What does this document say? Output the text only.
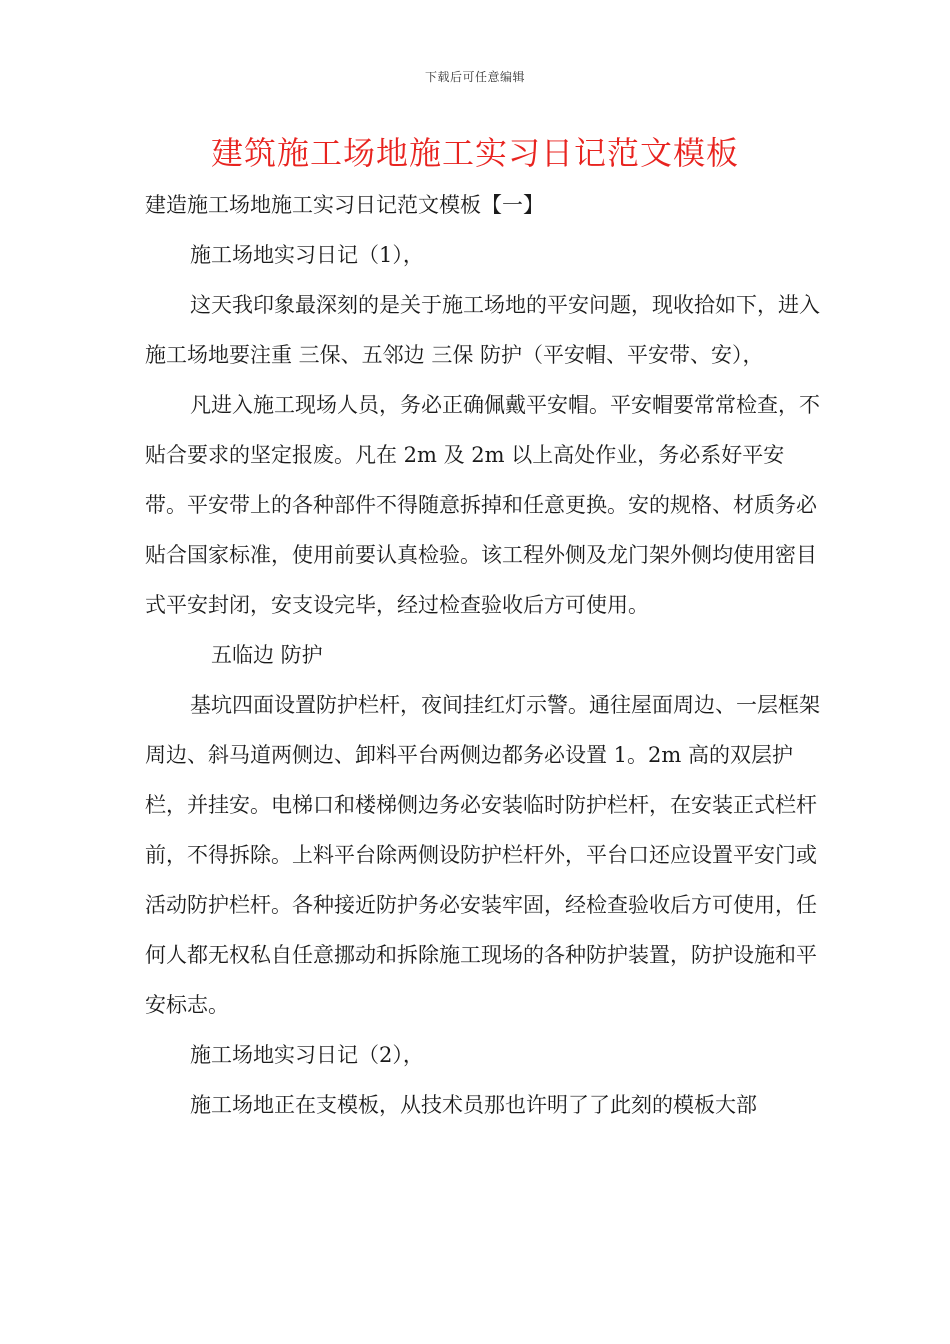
下载后可任意编辑
建筑施工场地施工实习日记范文模板

建造施工场地施工实习日记范文模板【一】

施工场地实习日记（1），

这天我印象最深刻的是关于施工场地的平安问题，现收拾如下，进入施工场地要注重 三保、五邻边 三保 防护（平安帽、平安带、安），

凡进入施工现场人员，务必正确佩戴平安帽。平安帽要常常检查，不贴合要求的坚定报废。凡在 2m 及 2m 以上高处作业，务必系好平安带。平安带上的各种部件不得随意拆掉和任意更换。安的规格、材质务必贴合国家标准，使用前要认真检验。该工程外侧及龙门架外侧均使用密目式平安封闭，安支设完毕，经过检查验收后方可使用。

五临边 防护

基坑四面设置防护栏杆，夜间挂红灯示警。通往屋面周边、一层框架周边、斜马道两侧边、卸料平台两侧边都务必设置 1。2m 高的双层护栏，并挂安。电梯口和楼梯侧边务必安装临时防护栏杆，在安装正式栏杆前，不得拆除。上料平台除两侧设防护栏杆外，平台口还应设置平安门或活动防护栏杆。各种接近防护务必安装牢固，经检查验收后方可使用，任何人都无权私自任意挪动和拆除施工现场的各种防护装置，防护设施和平安标志。

施工场地实习日记（2），

施工场地正在支模板，从技术员那也许明了了此刻的模板大部
